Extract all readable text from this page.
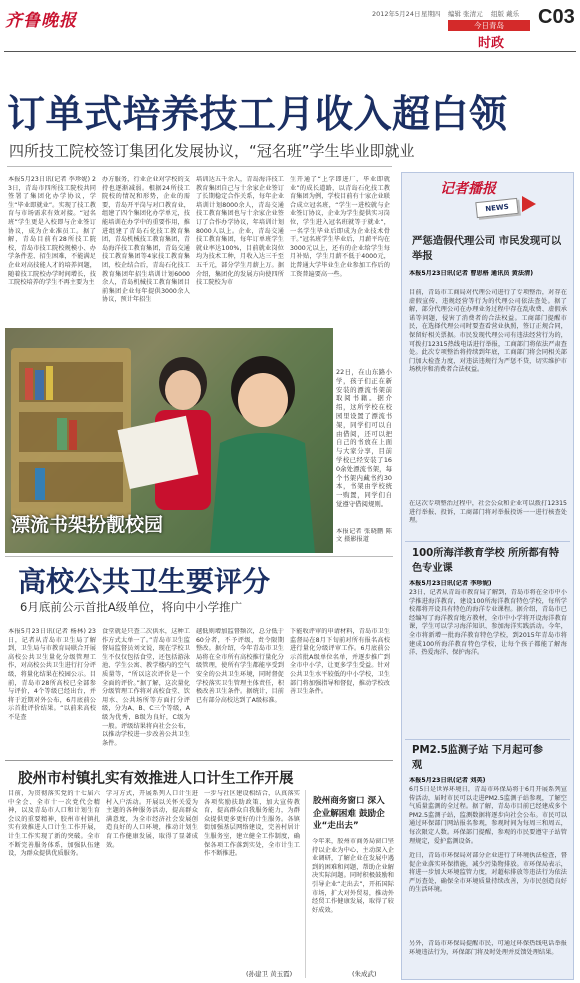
齐鲁晚报	2012年5月24日 星期四 编辑 张清元 组版 戴乐
今日青岛
时政
C03
订单式培养技工月收入超白领
四所技工院校签订集团化发展协议，“冠名班”学生毕业即就业
本报5月23日讯(记者 李珍妮) 23日，青岛市四所技工院校共同签署了集团化办学协议，学生“毕业即就业”。实现了技工教育与市场需求有效对接。“冠名班”学生更是入校即与企业签订协议，成为企业准员工。据了解，青岛目前有28所技工院校，青岛市技工院校规模小、办学条件差、招生困难，不能满足企业对高技能人才的培养问题，随着技工院校办学时间增长，技工院校培养的学生不再主要为主
办方服务，行业企业对学校的支持也逐渐减弱。根据24所技工院校的情况和形势，企业的需要，青岛开平岗与对口教育业，组建了四个集团化办学单元，技能培训在办学中的重要作用，推进组建了青岛石化技工教育集团，青岛机械技工教育集团，青岛海洋技工教育集团，青岛交通技工教育集团等4家技工教育集团，校企结合后，青岛石化技工教育集团年招生培训计划6000余人，青岛机械技工教育集团目前集团企业每年提供3000余人协议，预计年招生
培训达五千余人，青岛海洋技工教育集团自己与十余家企业签订了长期稳定合作关系，每年企业培训计划8000余人，青岛交通技工教育集团也与十余家企业签订了合作办学协议，年培训计划8000人以上。企业，青岛交通技工教育集团，每年订单班学生就业率达100%，目前就业岗位均为技术工种，月收入达三千至五千元，部分学生月薪上万。据介绍，集团化的发展方向使四所技工院校为市
生开通了“上学即进厂，毕业即就业”的成长道路，以青岛石化技工教育集团为例，学校目前有十家企业联合成立冠名班，“学生一进校就与企业签订协议，企业为学生提供实习岗位，学生进入冠名班就等于就业”，一名学生毕业后即成为企业技术骨干。”冠名班学生毕业后，月薪平均在3000元以上，还有的企业给学生每月补贴，学生月薪不低于4000元，比普通大学毕业生企业参加工作后的工资普遍要高一些。
漂流书架扮靓校园
22日，在山东路小学，孩子们正在新安装的漂流书架前取阅书籍。据介绍，这所学校在校园里设置了漂流书架，同学们可以自由借阅，还可以把自己的书放在上面与大家分享，目前学校已经安装了160余处漂流书架，每个书架内藏书约30本，书架由学校统一购置，同学们自觉遵守借阅规则。
本报记者 张晓鹏 陈文 摄影报道
高校公共卫生要评分
6月底前公示首批A级单位，将向中小学推广
本报5月23日讯(记者 杨林) 23日，记者从青岛市卫生局了解到，卫生局与市教育局联合开展高校公共卫生量化分级管理工作，对高校公共卫生进行打分评级，将量化结果在校园公示。目前，青岛市28所高校已全部参与评价，4个等级已经出台，并将于近期对外公布，6月底前公示首批评价结果。“以前来高校不是查
食堂就是只查二次供水，这种工作方式太单一了。”青岛市卫生监督局监督员刘文说，现在学校卫生不仅仅包括食堂，还包括游泳池、学生公寓、教学楼内的空气质量等，“所以这次评价是一个全面的评价。”据了解，这次量化分级管理工作将对高校食堂、饮用水、公共场所等方面打分评级，分为A、B、C三个等级，A级为优秀，B级为良好，C级为一般。评级结果将向社会公布，以推动学校进一步改善公共卫生条件。
越低则增加监督频次，总分低于60分者，不予评级，责令限期整改。据介绍，今年青岛市卫生局将在全市所有高校推行量化分级管理，使所有学生都能享受到安全的公共卫生环境，同时督促学校落实卫生管理主体责任，积极改善卫生条件。据统计，目前已有部分高校达到了A级标准。
下能收评审的申请材料，青岛市卫生监督局在8月下旬前对所有报名高校进行量化分级评审工作。6月底前公示首批A级单位名单，并逐步推广到全市中小学，让更多学生受益。针对公共卫生水平较低的中小学校，卫生部门将加强指导和督促，推动学校改善卫生条件。
胶州市村镇扎实有效推进人口计生工作开展
目前，为贯彻落实党的十七届六中全会、全市十一次党代会精神，以及青岛市人口和计划生育会议的重要精神，胶州市村镇扎实有效推进人口计生工作开展，计生工作实现了新的突破。全市不断完善服务体系，加强队伍建设，为群众提供优质服务。
学习方式，开展系列人口计生进村入户活动。开展以关怀关爱为主题的各种服务活动，提高群众满意度，为全市经济社会发展创造良好的人口环境，推动计划生育工作健康发展，取得了显著成效。
一步与社区建设相结合，认真落实各项奖励扶助政策，加大宣传教育，提高群众自我服务能力，为群众提供更多更好的计生服务。各镇街加强基层网络建设，完善村居计生服务室，建立健全工作制度，确保各项工作落到实处，全市计生工作不断推进。
(孙建卫 黄玉霞)
胶州商务窗口 深入企业解困难 鼓励企业“走出去”
今年来，胶州市商务局窗口坚持以企业为中心，主动深入企业调研，了解企业在发展中遇到的困难和问题，帮助企业解决实际问题。同时积极鼓励和引导企业“走出去”，开拓国际市场，扩大对外贸易，推动外经贸工作健康发展，取得了较好成效。
(朱成武)
记者播报
NEWS
严惩造假代理公司 市民发现可以举报
本报5月23日讯(记者 曹思格 通讯员 黄法清)
目前，青岛市工商局对代理公司进行了专项整治，对存在虚假宣传、违规经营等行为的代理公司依法查处。据了解，部分代理公司在办理业务过程中存在乱收费、虚假承诺等问题，侵害了消费者的合法权益。工商部门提醒市民，在选择代理公司时要查看营业执照，签订正规合同，保留好相关票据。市民发现代理公司有违法经营行为的，可拨打12315热线电话进行举报，工商部门将依法严肃查处。此次专项整治将持续到年底，工商部门将会同相关部门加大检查力度，对违法违规行为严惩不贷，切实维护市场秩序和消费者合法权益。
在这次专项整治过程中，社会公众和企业可以拨打12315进行举报、投诉，工商部门将对举报投诉一一进行核查处理。
100所海洋教育学校 所所都有特色专业课
本报5月23日讯(记者 李珍妮)
23日，记者从青岛市教育局了解到，青岛市将在全市中小学推进海洋教育，建设100所海洋教育特色学校，每所学校都将开设具有特色的海洋专业课程。据介绍，青岛市已经编写了海洋教育地方教材，全市中小学将开设海洋教育课，学生可以学习海洋知识、参加海洋实践活动。今年，全市将新增一批海洋教育特色学校，到2015年青岛市将建成100所海洋教育特色学校，让每个孩子都能了解海洋、热爱海洋、保护海洋。
PM2.5监测子站 下月起可参观
本报5月23日讯(记者 刘英)
6月5日是世界环境日，青岛市环保局将于6月开展系列宣传活动，届时市民可以走进PM2.5监测子站参观，了解空气质量监测的全过程。据了解，青岛市目前已经建成多个PM2.5监测子站，监测数据将逐步向社会公布。市民可以通过环保部门网站报名参观，参观时间为每周三和周五，每次限定人数。环保部门提醒，参观的市民要遵守子站管理规定，爱护监测设备。
近日，青岛市环保局对部分企业进行了环境执法检查，督促企业落实环保措施，减少污染物排放。市环保局表示，将进一步加大环境监管力度，对超标排放等违法行为依法严厉查处，确保全市环境质量持续改善，为市民创造良好的生活环境。
另外，青岛市环保局提醒市民，可通过环保热线电话举报环境违法行为，环保部门将及时处理并反馈处理结果。
